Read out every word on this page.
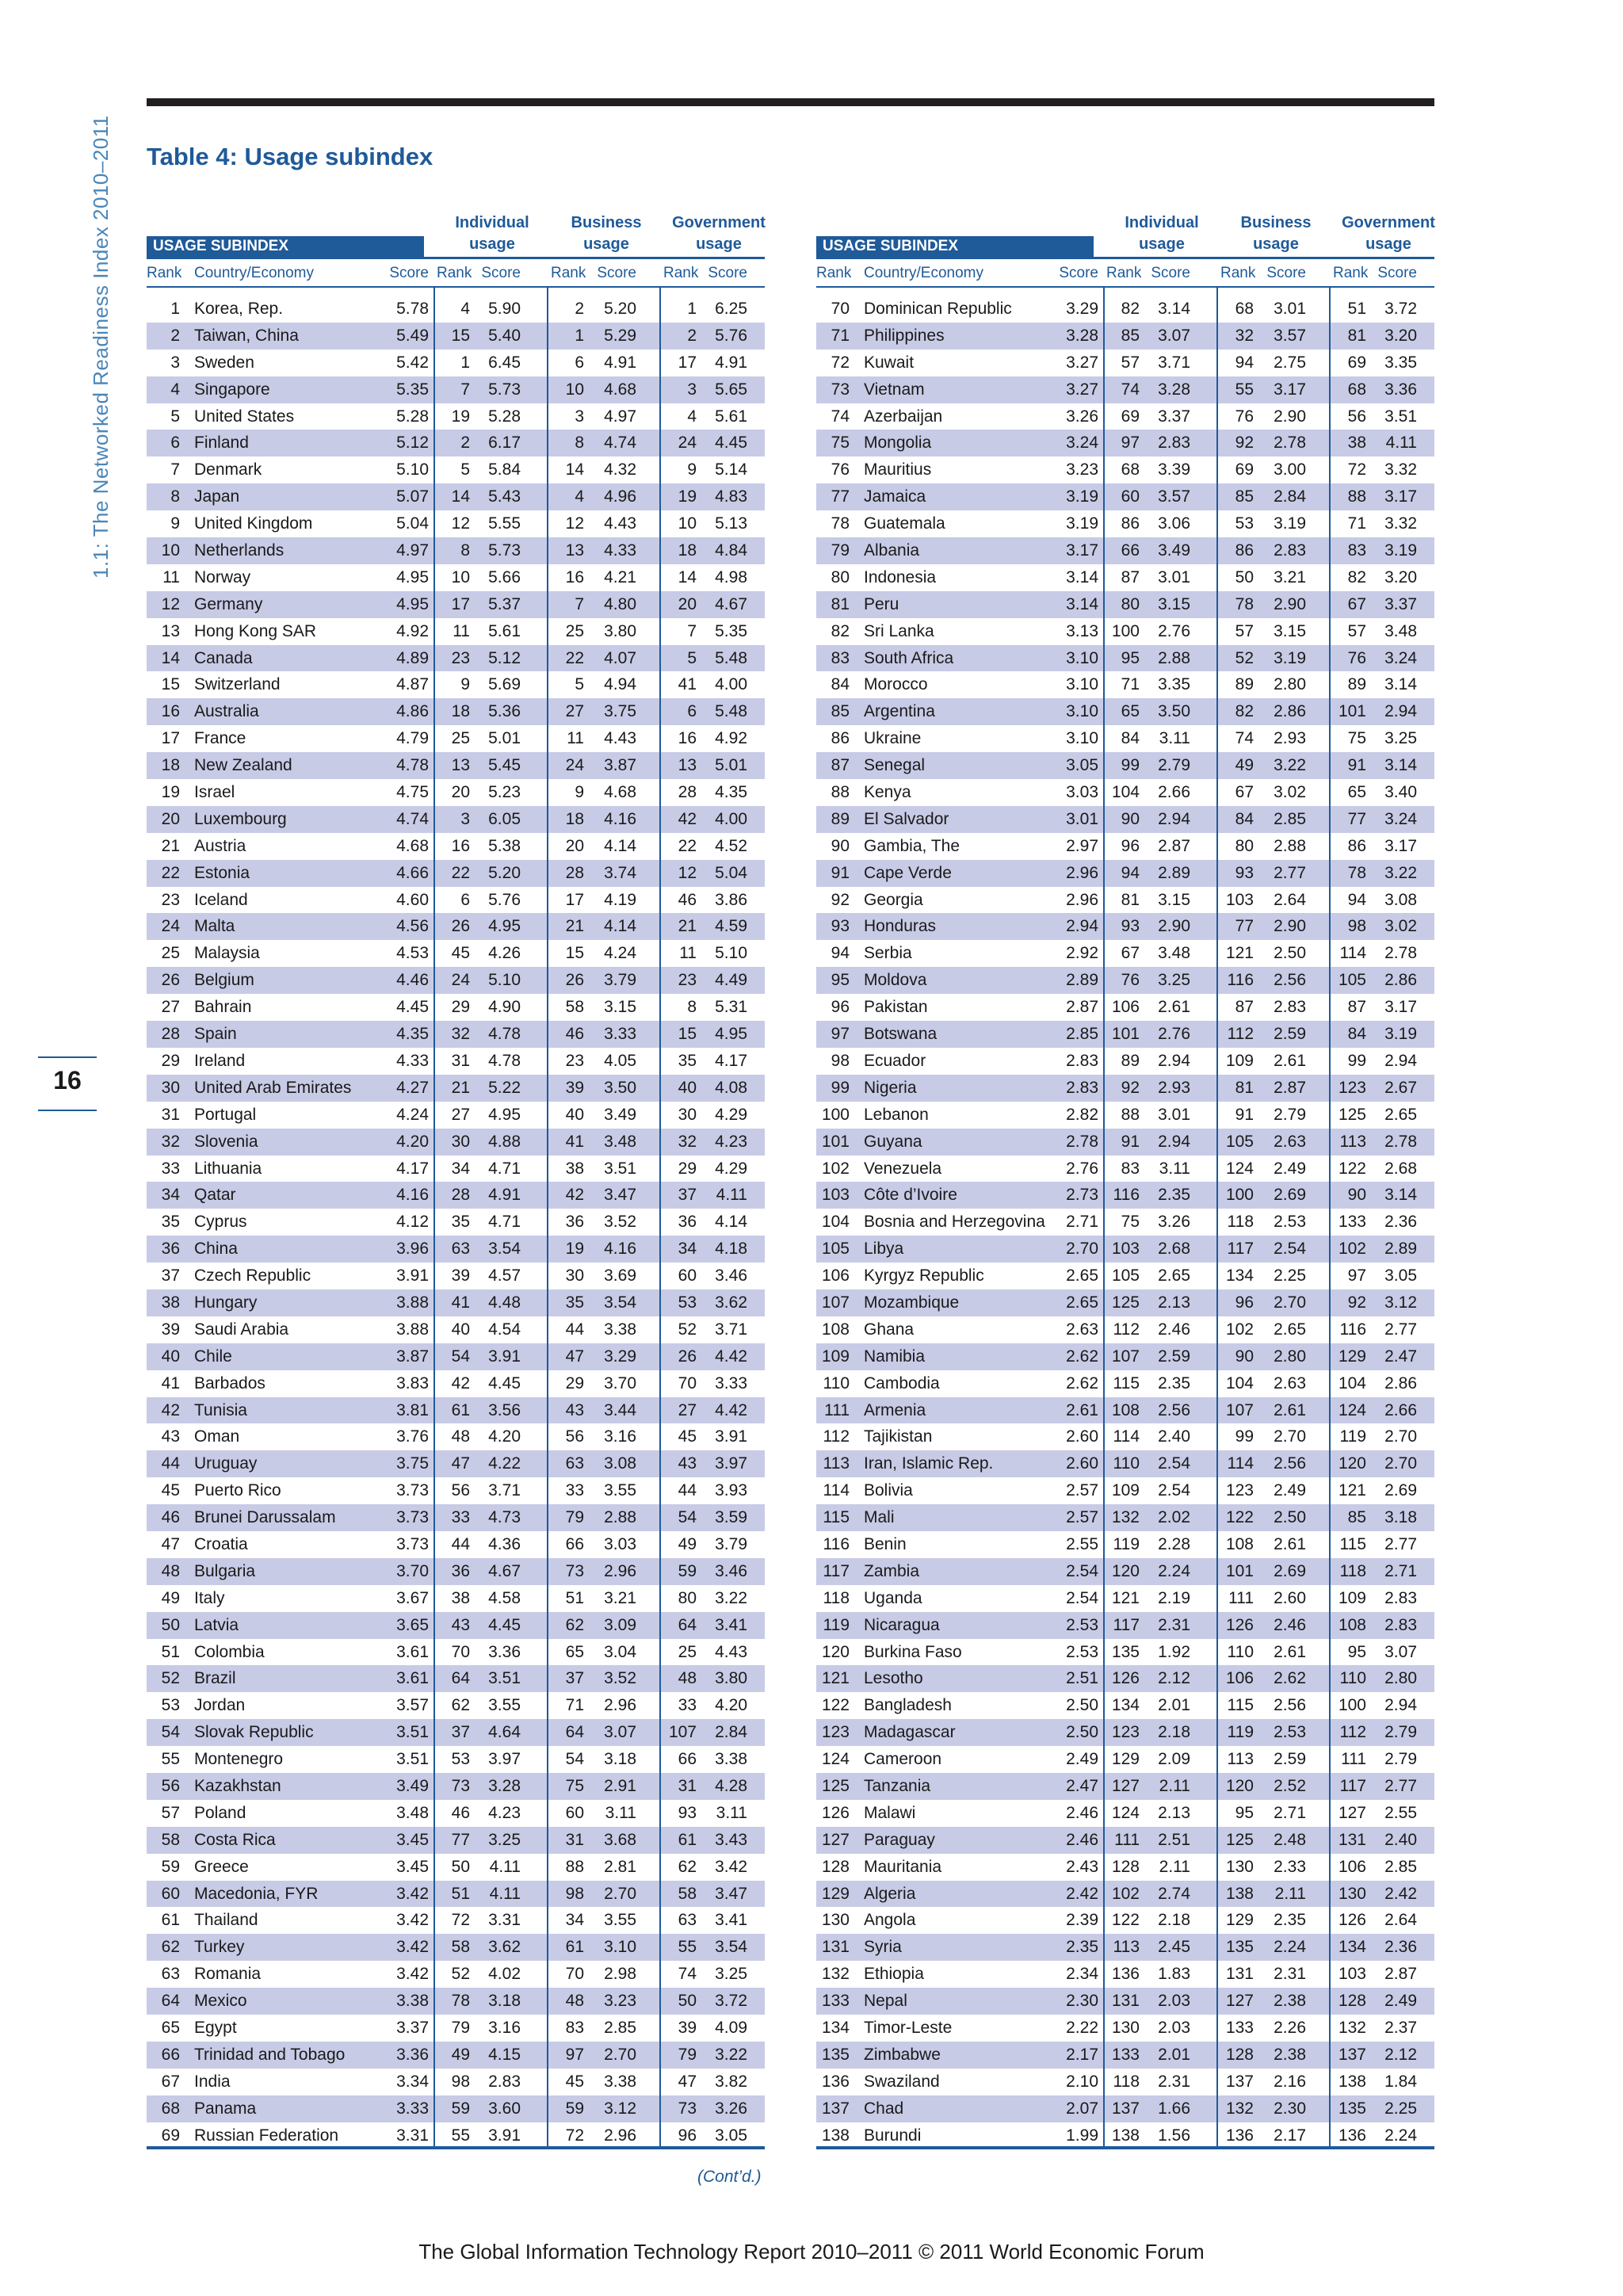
1.1: The Networked Readiness Index 2010–2011
16
Table 4: Usage subindex
USAGE SUBINDEX
Individual
usage
Business
usage
Government
usage
Rank Country/Economy	Score Rank Score Rank Score Rank Score
1 Korea, Rep.	5.78	4	5.90	2	5.20	1	6.25
2 Taiwan, China	5.49	15	5.40	1	5.29	2	5.76
3 Sweden	5.42	1	6.45	6	4.91	17	4.91
4 Singapore	5.35	7	5.73	10	4.68	3	5.65
5 United States	5.28	19	5.28	3	4.97	4	5.61
6 Finland	5.12	2	6.17	8	4.74	24	4.45
7 Denmark	5.10	5	5.84	14	4.32	9	5.14
8 Japan	5.07	14	5.43	4	4.96	19	4.83
9 United Kingdom	5.04	12	5.55	12	4.43	10	5.13
10 Netherlands	4.97	8	5.73	13	4.33	18	4.84
11 Norway	4.95	10	5.66	16	4.21	14	4.98
12 Germany	4.95	17	5.37	7	4.80	20	4.67
13 Hong Kong SAR	4.92	11	5.61	25	3.80	7	5.35
14 Canada	4.89	23	5.12	22	4.07	5	5.48
15 Switzerland	4.87	9	5.69	5	4.94	41	4.00
16 Australia	4.86	18	5.36	27	3.75	6	5.48
17 France	4.79	25	5.01	11	4.43	16	4.92
18 New Zealand	4.78	13	5.45	24	3.87	13	5.01
19 Israel	4.75	20	5.23	9	4.68	28	4.35
20 Luxembourg	4.74	3	6.05	18	4.16	42	4.00
21 Austria	4.68	16	5.38	20	4.14	22	4.52
22 Estonia	4.66	22	5.20	28	3.74	12	5.04
23 Iceland	4.60	6	5.76	17	4.19	46	3.86
24 Malta	4.56	26	4.95	21	4.14	21	4.59
25 Malaysia	4.53	45	4.26	15	4.24	11	5.10
26 Belgium	4.46	24	5.10	26	3.79	23	4.49
27 Bahrain	4.45	29	4.90	58	3.15	8	5.31
28 Spain	4.35	32	4.78	46	3.33	15	4.95
29 Ireland	4.33	31	4.78	23	4.05	35	4.17
30 United Arab Emirates	4.27	21	5.22	39	3.50	40	4.08
31 Portugal	4.24	27	4.95	40	3.49	30	4.29
32 Slovenia	4.20	30	4.88	41	3.48	32	4.23
33 Lithuania	4.17	34	4.71	38	3.51	29	4.29
34 Qatar	4.16	28	4.91	42	3.47	37	4.11
35 Cyprus	4.12	35	4.71	36	3.52	36	4.14
36 China	3.96	63	3.54	19	4.16	34	4.18
37 Czech Republic	3.91	39	4.57	30	3.69	60	3.46
38 Hungary	3.88	41	4.48	35	3.54	53	3.62
39 Saudi Arabia	3.88	40	4.54	44	3.38	52	3.71
40 Chile	3.87	54	3.91	47	3.29	26	4.42
41 Barbados	3.83	42	4.45	29	3.70	70	3.33
42 Tunisia	3.81	61	3.56	43	3.44	27	4.42
43 Oman	3.76	48	4.20	56	3.16	45	3.91
44 Uruguay	3.75	47	4.22	63	3.08	43	3.97
45 Puerto Rico	3.73	56	3.71	33	3.55	44	3.93
46 Brunei Darussalam	3.73	33	4.73	79	2.88	54	3.59
47 Croatia	3.73	44	4.36	66	3.03	49	3.79
48 Bulgaria	3.70	36	4.67	73	2.96	59	3.46
49 Italy	3.67	38	4.58	51	3.21	80	3.22
50 Latvia	3.65	43	4.45	62	3.09	64	3.41
51 Colombia	3.61	70	3.36	65	3.04	25	4.43
52 Brazil	3.61	64	3.51	37	3.52	48	3.80
53 Jordan	3.57	62	3.55	71	2.96	33	4.20
54 Slovak Republic	3.51	37	4.64	64	3.07	107	2.84
55 Montenegro	3.51	53	3.97	54	3.18	66	3.38
56 Kazakhstan	3.49	73	3.28	75	2.91	31	4.28
57 Poland	3.48	46	4.23	60	3.11	93	3.11
58 Costa Rica	3.45	77	3.25	31	3.68	61	3.43
59 Greece	3.45	50	4.11	88	2.81	62	3.42
60 Macedonia, FYR	3.42	51	4.11	98	2.70	58	3.47
61 Thailand	3.42	72	3.31	34	3.55	63	3.41
62 Turkey	3.42	58	3.62	61	3.10	55	3.54
63 Romania	3.42	52	4.02	70	2.98	74	3.25
64 Mexico	3.38	78	3.18	48	3.23	50	3.72
65 Egypt	3.37	79	3.16	83	2.85	39	4.09
66 Trinidad and Tobago	3.36	49	4.15	97	2.70	79	3.22
67 India	3.34	98	2.83	45	3.38	47	3.82
68 Panama	3.33	59	3.60	59	3.12	73	3.26
69 Russian Federation	3.31	55	3.91	72	2.96	96	3.05
USAGE SUBINDEX
Individual
usage
Business
usage
Government
usage
Rank Country/Economy	Score Rank Score Rank Score Rank Score
70 Dominican Republic	3.29	82	3.14	68	3.01	51	3.72
71 Philippines	3.28	85	3.07	32	3.57	81	3.20
72 Kuwait	3.27	57	3.71	94	2.75	69	3.35
73 Vietnam	3.27	74	3.28	55	3.17	68	3.36
74 Azerbaijan	3.26	69	3.37	76	2.90	56	3.51
75 Mongolia	3.24	97	2.83	92	2.78	38	4.11
76 Mauritius	3.23	68	3.39	69	3.00	72	3.32
77 Jamaica	3.19	60	3.57	85	2.84	88	3.17
78 Guatemala	3.19	86	3.06	53	3.19	71	3.32
79 Albania	3.17	66	3.49	86	2.83	83	3.19
80 Indonesia	3.14	87	3.01	50	3.21	82	3.20
81 Peru	3.14	80	3.15	78	2.90	67	3.37
82 Sri Lanka	3.13 100	2.76	57	3.15	57	3.48
83 South Africa	3.10	95	2.88	52	3.19	76	3.24
84 Morocco	3.10	71	3.35	89	2.80	89	3.14
85 Argentina	3.10	65	3.50	82	2.86	101	2.94
86 Ukraine	3.10	84	3.11	74	2.93	75	3.25
87 Senegal	3.05	99	2.79	49	3.22	91	3.14
88 Kenya	3.03 104	2.66	67	3.02	65	3.40
89 El Salvador	3.01	90	2.94	84	2.85	77	3.24
90 Gambia, The	2.97	96	2.87	80	2.88	86	3.17
91 Cape Verde	2.96	94	2.89	93	2.77	78	3.22
92 Georgia	2.96	81	3.15	103	2.64	94	3.08
93 Honduras	2.94	93	2.90	77	2.90	98	3.02
94 Serbia	2.92	67	3.48	121	2.50	114	2.78
95 Moldova	2.89	76	3.25	116	2.56	105	2.86
96 Pakistan	2.87 106	2.61	87	2.83	87	3.17
97 Botswana	2.85 101	2.76	112	2.59	84	3.19
98 Ecuador	2.83	89	2.94	109	2.61	99	2.94
99 Nigeria	2.83	92	2.93	81	2.87	123	2.67
100 Lebanon	2.82	88	3.01	91	2.79	125	2.65
101 Guyana	2.78	91	2.94	105	2.63	113	2.78
102 Venezuela	2.76	83	3.11	124	2.49	122	2.68
103 Côte d’Ivoire	2.73 116	2.35	100	2.69	90	3.14
104 Bosnia and Herzegovina	2.71	75	3.26	118	2.53	133	2.36
105 Libya	2.70 103	2.68	117	2.54	102	2.89
106 Kyrgyz Republic	2.65 105	2.65	134	2.25	97	3.05
107 Mozambique	2.65 125	2.13	96	2.70	92	3.12
108 Ghana	2.63 112	2.46	102	2.65	116	2.77
109 Namibia	2.62 107	2.59	90	2.80	129	2.47
110 Cambodia	2.62 115	2.35	104	2.63	104	2.86
111 Armenia	2.61 108	2.56	107	2.61	124	2.66
112 Tajikistan	2.60 114	2.40	99	2.70	119	2.70
113 Iran, Islamic Rep.	2.60 110	2.54	114	2.56	120	2.70
114 Bolivia	2.57 109	2.54	123	2.49	121	2.69
115 Mali	2.57 132	2.02	122	2.50	85	3.18
116 Benin	2.55 119	2.28	108	2.61	115	2.77
117 Zambia	2.54 120	2.24	101	2.69	118	2.71
118 Uganda	2.54 121	2.19	111	2.60	109	2.83
119 Nicaragua	2.53 117	2.31	126	2.46	108	2.83
120 Burkina Faso	2.53 135	1.92	110	2.61	95	3.07
121 Lesotho	2.51 126	2.12	106	2.62	110	2.80
122 Bangladesh	2.50 134	2.01	115	2.56	100	2.94
123 Madagascar	2.50 123	2.18	119	2.53	112	2.79
124 Cameroon	2.49 129	2.09	113	2.59	111	2.79
125 Tanzania	2.47 127	2.11	120	2.52	117	2.77
126 Malawi	2.46 124	2.13	95	2.71	127	2.55
127 Paraguay	2.46 111	2.51	125	2.48	131	2.40
128 Mauritania	2.43 128	2.11	130	2.33	106	2.85
129 Algeria	2.42 102	2.74	138	2.11	130	2.42
130 Angola	2.39 122	2.18	129	2.35	126	2.64
131 Syria	2.35 113	2.45	135	2.24	134	2.36
132 Ethiopia	2.34 136	1.83	131	2.31	103	2.87
133 Nepal	2.30 131	2.03	127	2.38	128	2.49
134 Timor-Leste	2.22 130	2.03	133	2.26	132	2.37
135 Zimbabwe	2.17 133	2.01	128	2.38	137	2.12
136 Swaziland	2.10 118	2.31	137	2.16	138	1.84
137 Chad	2.07 137	1.66	132	2.30	135	2.25
138 Burundi	1.99 138	1.56	136	2.17	136	2.24
(Cont’d.)
The Global Information Technology Report 2010–2011 © 2011 World Economic Forum
